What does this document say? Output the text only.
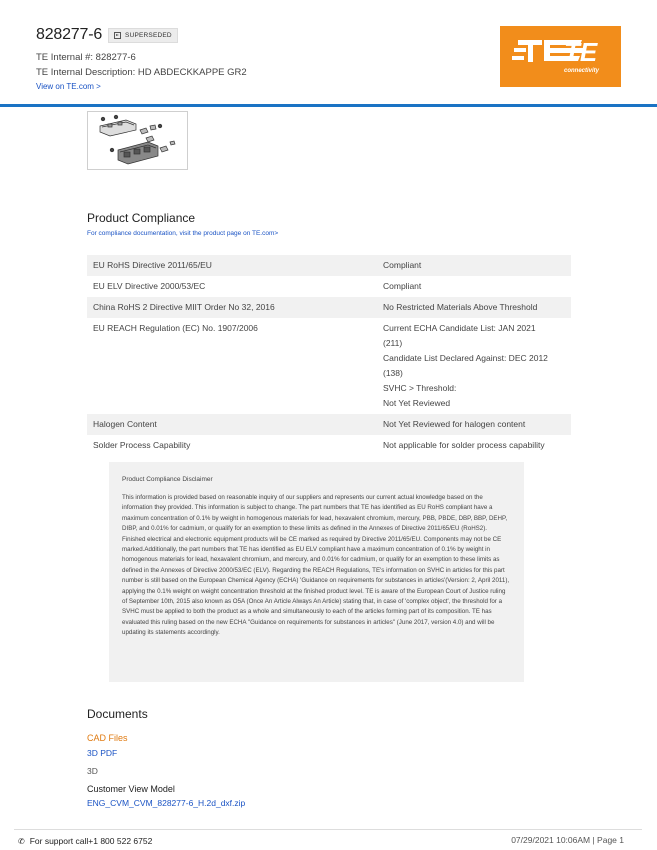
828277-6	SUPERSEDED
TE Internal #: 828277-6
TE Internal Description: HD ABDECKKAPPE GR2
View on TE.com >
TE
connectivity
Product Compliance
For compliance documentation, visit the product page on TE.com>
EU RoHS Directive 2011/65/EU	Compliant
EU ELV Directive 2000/53/EC	Compliant
China RoHS 2 Directive MIIT Order No 32, 2016	No Restricted Materials Above Threshold
EU REACH Regulation (EC) No. 1907/2006	Current ECHA Candidate List: JAN 2021
(211)
Candidate List Declared Against: DEC 2012
(138)
SVHC > Threshold:
Not Yet Reviewed
Halogen Content	Not Yet Reviewed for halogen content
Solder Process Capability	Not applicable for solder process capability
Product Compliance Disclaimer
This information is provided based on reasonable inquiry of our suppliers and represents our current actual knowledge based on the information they provided. This information is subject to change. The part numbers that TE has identified as EU RoHS compliant have a maximum concentration of 0.1% by weight in homogenous materials for lead, hexavalent chromium, mercury, PBB, PBDE, DBP, BBP, DEHP, DIBP, and 0.01% for cadmium, or qualify for an exemption to these limits as defined in the Annexes of Directive 2011/65/EU (RoHS2). Finished electrical and electronic equipment products will be CE marked as required by Directive 2011/65/EU. Components may not be CE marked.Additionally, the part numbers that TE has identified as EU ELV compliant have a maximum concentration of 0.1% by weight in homogenous materials for lead, hexavalent chromium, and mercury, and 0.01% for cadmium, or qualify for an exemption to these limits as defined in the Annexes of Directive 2000/53/EC (ELV). Regarding the REACH Regulations, TE's information on SVHC in articles for this part number is still based on the European Chemical Agency (ECHA) 'Guidance on requirements for substances in articles'(Version: 2, April 2011), applying the 0.1% weight on weight concentration threshold at the finished product level. TE is aware of the European Court of Justice ruling of September 10th, 2015 also known as O5A (Once An Article Always An Article) stating that, in case of 'complex object', the threshold for a SVHC must be applied to both the product as a whole and simultaneously to each of the articles forming part of its composition. TE has evaluated this ruling based on the new ECHA "Guidance on requirements for substances in articles" (June 2017, version 4.0) and will be updating its statements accordingly.
Documents
CAD Files
3D PDF
3D
Customer View Model
ENG_CVM_CVM_828277-6_H.2d_dxf.zip
✆ For support call+1 800 522 6752	07/29/2021 10:06AM | Page 1
